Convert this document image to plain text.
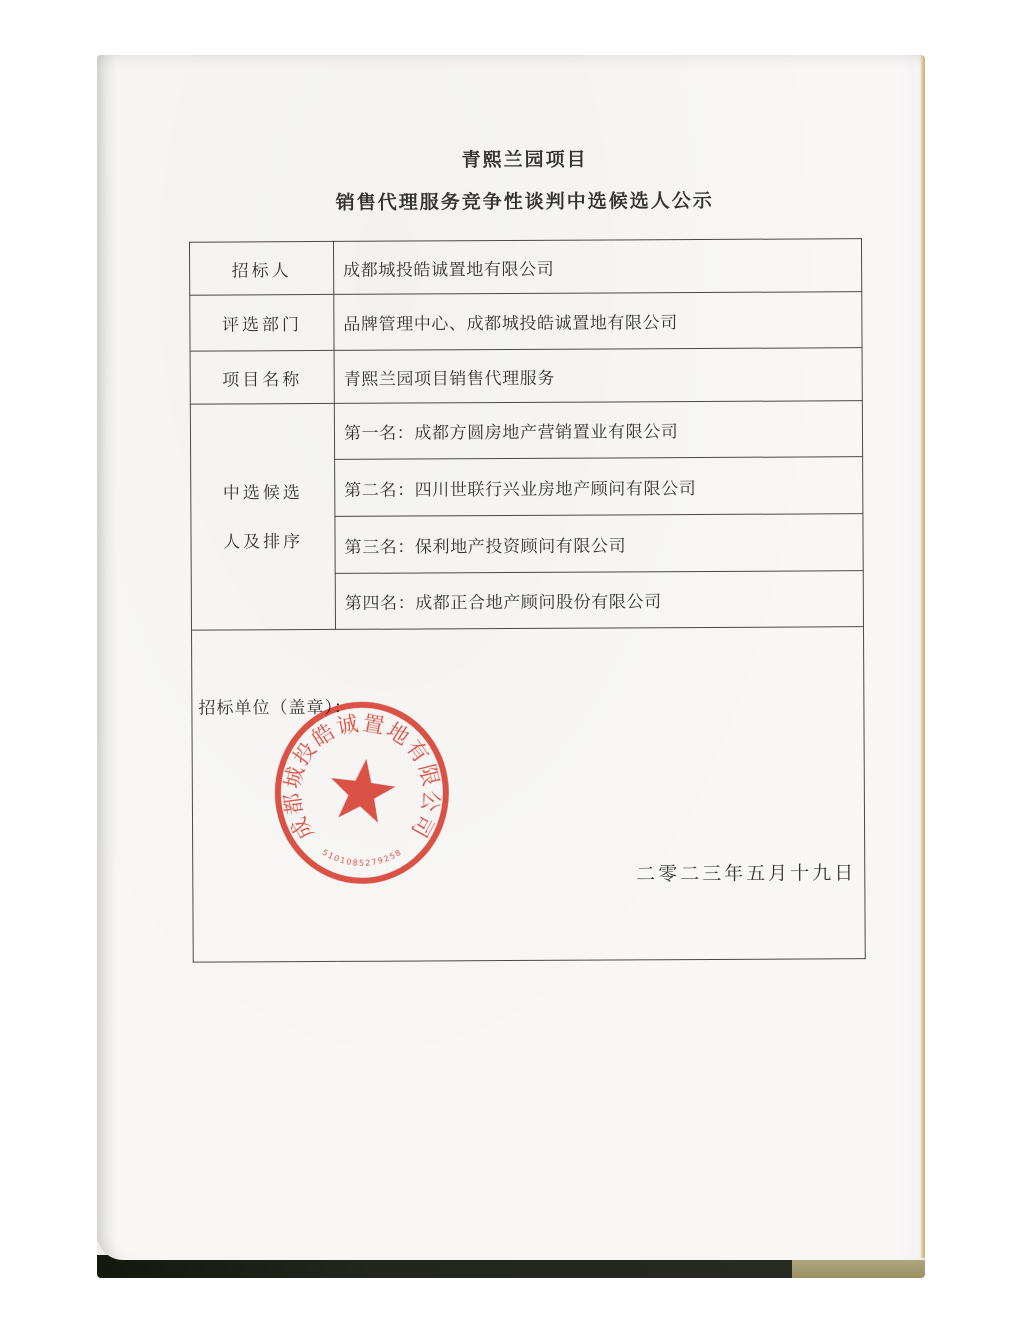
青熙兰园项目
销售代理服务竞争性谈判中选候选人公示
招标人	成都城投皓诚置地有限公司
评选部门	品牌管理中心、成都城投皓诚置地有限公司
项目名称	青熙兰园项目销售代理服务

中选候选
人及排序	第一名：成都方圆房地产营销置业有限公司
	第二名：四川世联行兴业房地产顾问有限公司
	第三名：保利地产投资顾问有限公司
	第四名：成都正合地产顾问股份有限公司

招标单位（盖章）：
成都城投皓诚置地有限公司
5101085279258
二零二三年五月十九日	
